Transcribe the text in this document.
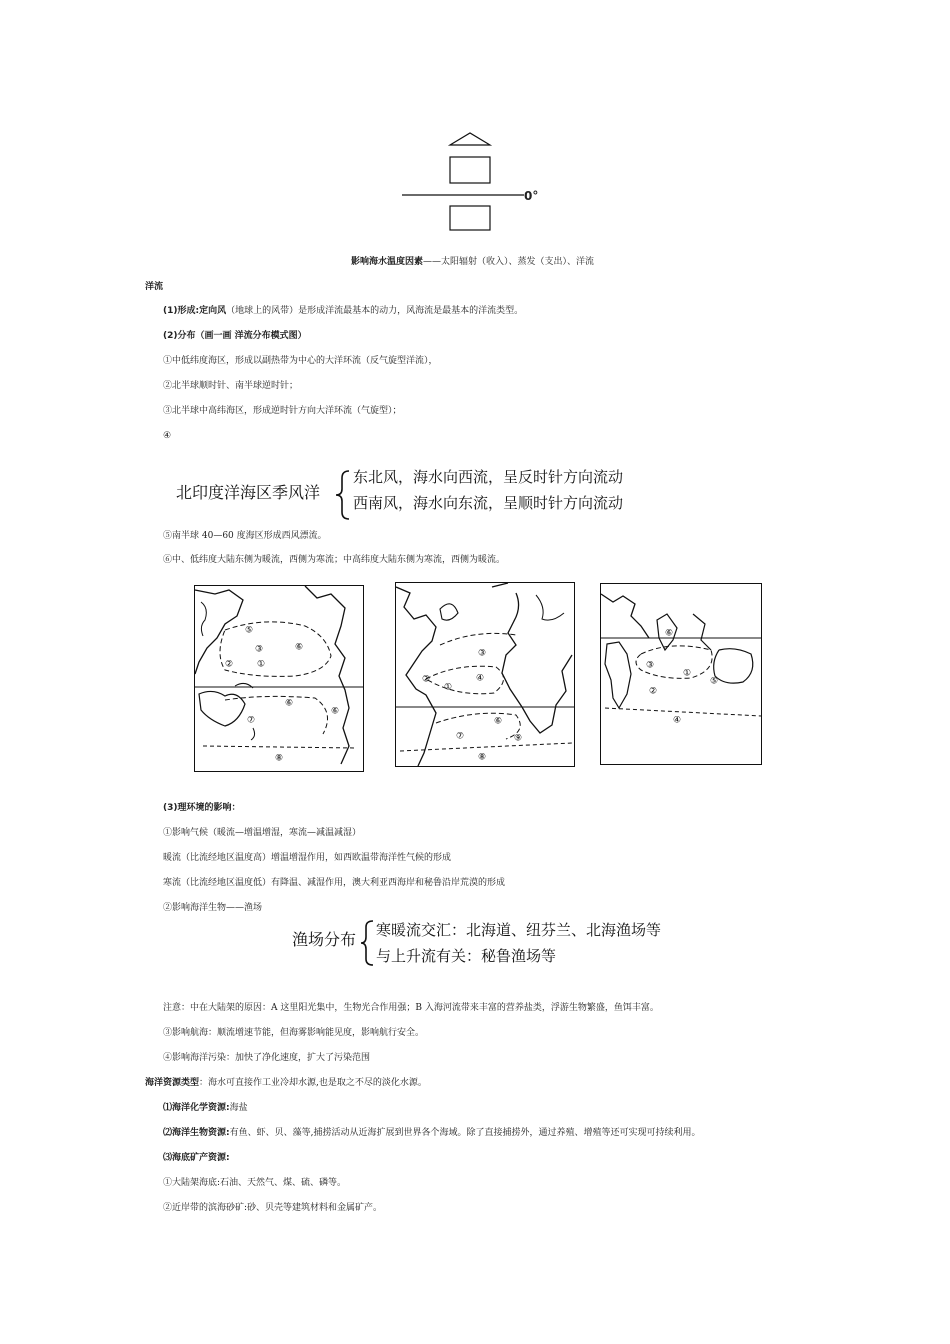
0°
影响海水温度因素——太阳辐射（收入）、蒸发（支出）、洋流
洋流
(1)形成:定向风（地球上的风带）是形成洋流最基本的动力，风海流是最基本的洋流类型。
(2)分布（画一画 洋流分布模式图）
①中低纬度海区，形成以副热带为中心的大洋环流（反气旋型洋流），
②北半球顺时针、南半球逆时针；
③北半球中高纬海区，形成逆时针方向大洋环流（气旋型）；
④
北印度洋海区季风洋
东北风，海水向西流，呈反时针方向流动
西南风，海水向东流，呈顺时针方向流动
⑤南半球 40—60 度海区形成西风漂流。
⑥中、低纬度大陆东侧为暖流，西侧为寒流；中高纬度大陆东侧为寒流，西侧为暖流。
⑤
③	⑥
②	①
⑥
⑦
⑥
⑧
③
②
①
④
⑥
⑦
⑧
⑨
⑥
③
①
②
⑤
④
(3)理环境的影响：
①影响气候（暖流—增温增湿，寒流—减温减湿）
暖流（比流经地区温度高）增温增湿作用，如西欧温带海洋性气候的形成
寒流（比流经地区温度低）有降温、减湿作用，澳大利亚西海岸和秘鲁沿岸荒漠的形成
②影响海洋生物——渔场
渔场分布 寒暖流交汇：北海道、纽芬兰、北海渔场等
与上升流有关：秘鲁渔场等
注意：中在大陆架的原因：A 这里阳光集中，生物光合作用强；B 入海河流带来丰富的营养盐类，浮游生物繁盛，鱼饵丰富。
③影响航海：顺流增速节能，但海雾影响能见度，影响航行安全。
④影响海洋污染：加快了净化速度，扩大了污染范围
海洋资源类型：海水可直接作工业冷却水源,也是取之不尽的淡化水源。
⑴海洋化学资源:海盐
⑵海洋生物资源:有鱼、虾、贝、藻等,捕捞活动从近海扩展到世界各个海域。除了直接捕捞外，通过养殖、增殖等还可实现可持续利用。
⑶海底矿产资源:
①大陆架海底:石油、天然气、煤、硫、磷等。
②近岸带的滨海砂矿:砂、贝壳等建筑材料和金属矿产。
